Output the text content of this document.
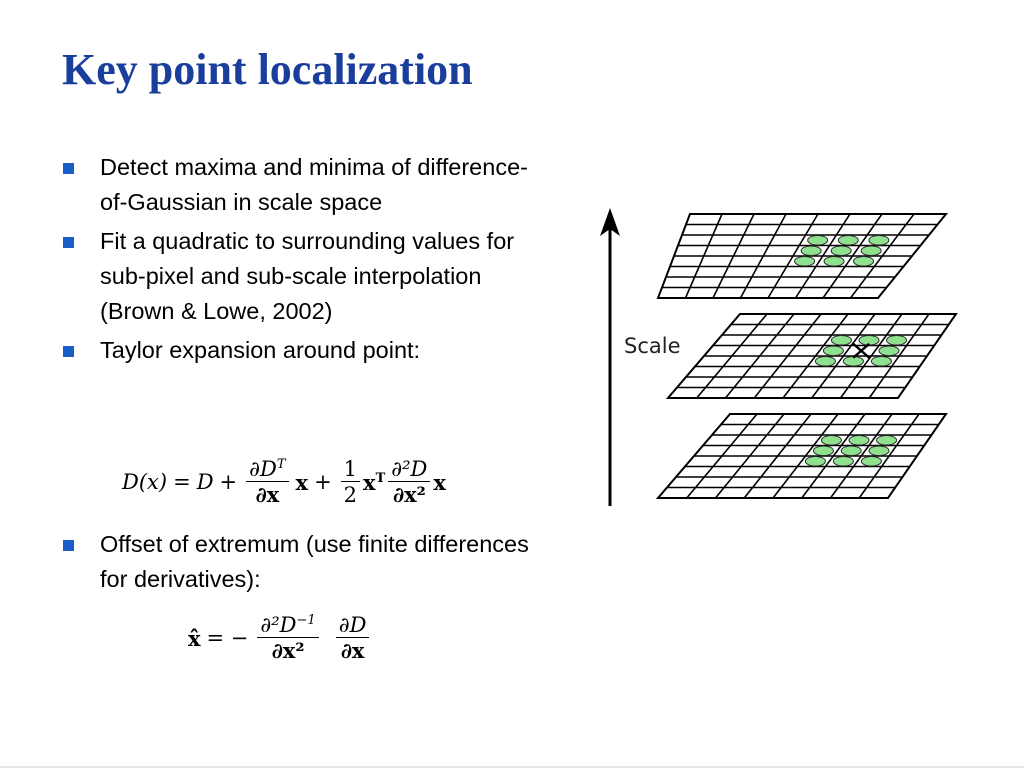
Key point localization
Detect maxima and minima of difference-of-Gaussian in scale space
Fit a quadratic to surrounding values for sub-pixel and sub-scale interpolation (Brown & Lowe, 2002)
Taylor expansion around point:
$D(x) = D + \frac{\partial D^T}{\partial x}$ $x + \frac{1}{2} x^T \frac{\text{∂²D}}{\text{∂x²}}$ x
Offset of extremum (use finite differences for derivatives):
x̂ = − $\frac{\partial^2D^{-1}}{\text{∂x²}} \frac{\partial D}{\partial x}$
Scale
